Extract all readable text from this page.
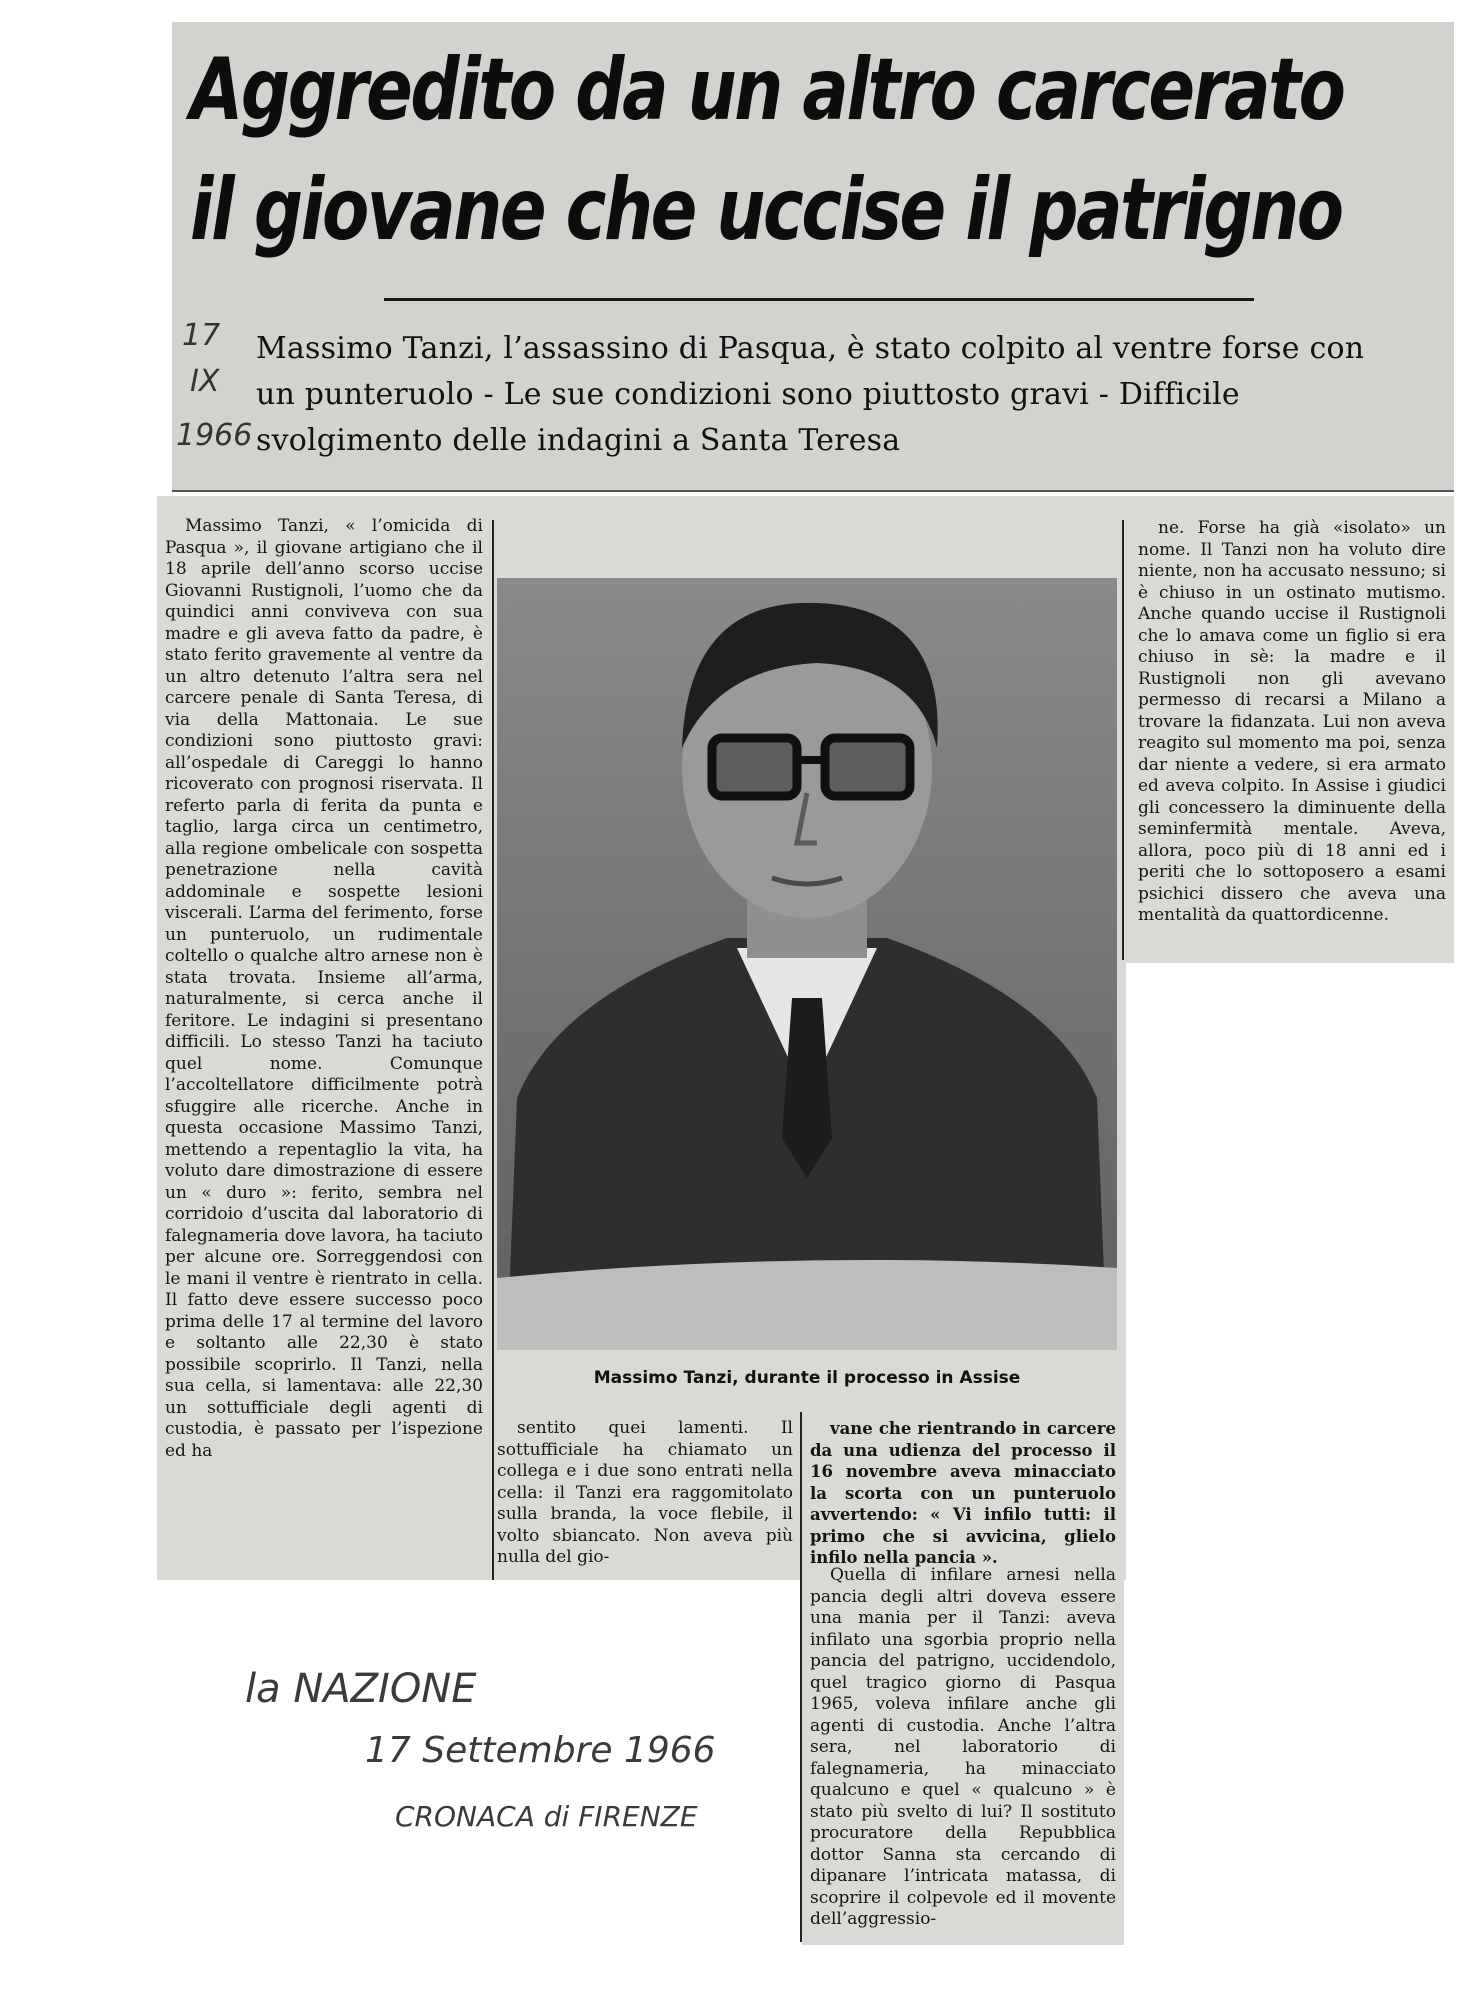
Aggredito da un altro carcerato
il giovane che uccise il patrigno
17
IX
1966

Massimo Tanzi, l’assassino di Pasqua, è stato colpito al ventre forse con un punteruolo - Le sue condizioni sono piuttosto gravi - Difficile svolgimento delle indagini a Santa Teresa

Massimo Tanzi, « l’omicida di Pasqua », il giovane artigiano che il 18 aprile dell’anno scorso uccise Giovanni Rustignoli, l’uomo che da quindici anni conviveva con sua madre e gli aveva fatto da padre, è stato ferito gravemente al ventre da un altro detenuto l’altra sera nel carcere penale di Santa Teresa, di via della Mattonaia. Le sue condizioni sono piuttosto gravi: all’ospedale di Careggi lo hanno ricoverato con prognosi riservata. Il referto parla di ferita da punta e taglio, larga circa un centimetro, alla regione ombelicale con sospetta penetrazione nella cavità addominale e sospette lesioni viscerali. L’arma del ferimento, forse un punteruolo, un rudimentale coltello o qualche altro arnese non è stata trovata. Insieme all’arma, naturalmente, si cerca anche il feritore. Le indagini si presentano difficili. Lo stesso Tanzi ha taciuto quel nome. Comunque l’accoltellatore difficilmente potrà sfuggire alle ricerche. Anche in questa occasione Massimo Tanzi, mettendo a repentaglio la vita, ha voluto dare dimostrazione di essere un « duro »: ferito, sembra nel corridoio d’uscita dal laboratorio di falegnameria dove lavora, ha taciuto per alcune ore. Sorreggendosi con le mani il ventre è rientrato in cella. Il fatto deve essere successo poco prima delle 17 al termine del lavoro e soltanto alle 22,30 è stato possibile scoprirlo. Il Tanzi, nella sua cella, si lamentava: alle 22,30 un sottufficiale degli agenti di custodia, è passato per l’ispezione ed ha

Massimo Tanzi, durante il processo in Assise

ne. Forse ha già «isolato» un nome. Il Tanzi non ha voluto dire niente, non ha accusato nessuno; si è chiuso in un ostinato mutismo. Anche quando uccise il Rustignoli che lo amava come un figlio si era chiuso in sè: la madre e il Rustignoli non gli avevano permesso di recarsi a Milano a trovare la fidanzata. Lui non aveva reagito sul momento ma poi, senza dar niente a vedere, si era armato ed aveva colpito. In Assise i giudici gli concessero la diminuente della seminfermità mentale. Aveva, allora, poco più di 18 anni ed i periti che lo sottoposero a esami psichici dissero che aveva una mentalità da quattordicenne.

sentito quei lamenti. Il sottufficiale ha chiamato un collega e i due sono entrati nella cella: il Tanzi era raggomitolato sulla branda, la voce flebile, il volto sbiancato. Non aveva più nulla del gio-

vane che rientrando in carcere da una udienza del processo il 16 novembre aveva minacciato la scorta con un punteruolo avvertendo: « Vi infilo tutti: il primo che si avvicina, glielo infilo nella pancia ».

Quella di infilare arnesi nella pancia degli altri doveva essere una mania per il Tanzi: aveva infilato una sgorbia proprio nella pancia del patrigno, uccidendolo, quel tragico giorno di Pasqua 1965, voleva infilare anche gli agenti di custodia. Anche l’altra sera, nel laboratorio di falegnameria, ha minacciato qualcuno e quel « qualcuno » è stato più svelto di lui? Il sostituto procuratore della Repubblica dottor Sanna sta cercando di dipanare l’intricata matassa, di scoprire il colpevole ed il movente dell’aggressio-

la NAZIONE
17 Settembre 1966
CRONACA di FIRENZE
